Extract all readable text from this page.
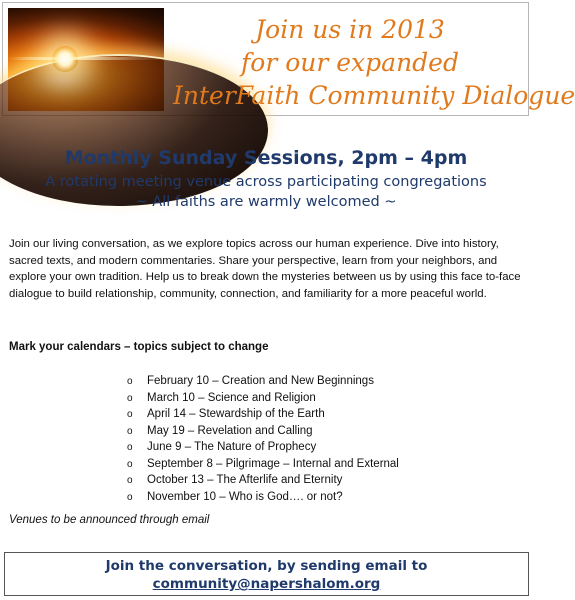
Join us in 2013
for our expanded
InterFaith Community Dialogue
Monthly Sunday Sessions, 2pm – 4pm
A rotating meeting venue across participating congregations
~ All faiths are warmly welcomed ~
Join our living conversation, as we explore topics across our human experience. Dive into history, sacred texts, and modern commentaries. Share your perspective, learn from your neighbors, and explore your own tradition. Help us to break down the mysteries between us by using this face to-face dialogue to build relationship, community, connection, and familiarity for a more peaceful world.
Mark your calendars – topics subject to change
o February 10 – Creation and New Beginnings
o March 10 – Science and Religion
o April 14 – Stewardship of the Earth
o May 19 – Revelation and Calling
o June 9 – The Nature of Prophecy
o September 8 – Pilgrimage – Internal and External
o October 13 – The Afterlife and Eternity
o November 10 – Who is God…. or not?
Venues to be announced through email
Join the conversation, by sending email to
community@napershalom.org
